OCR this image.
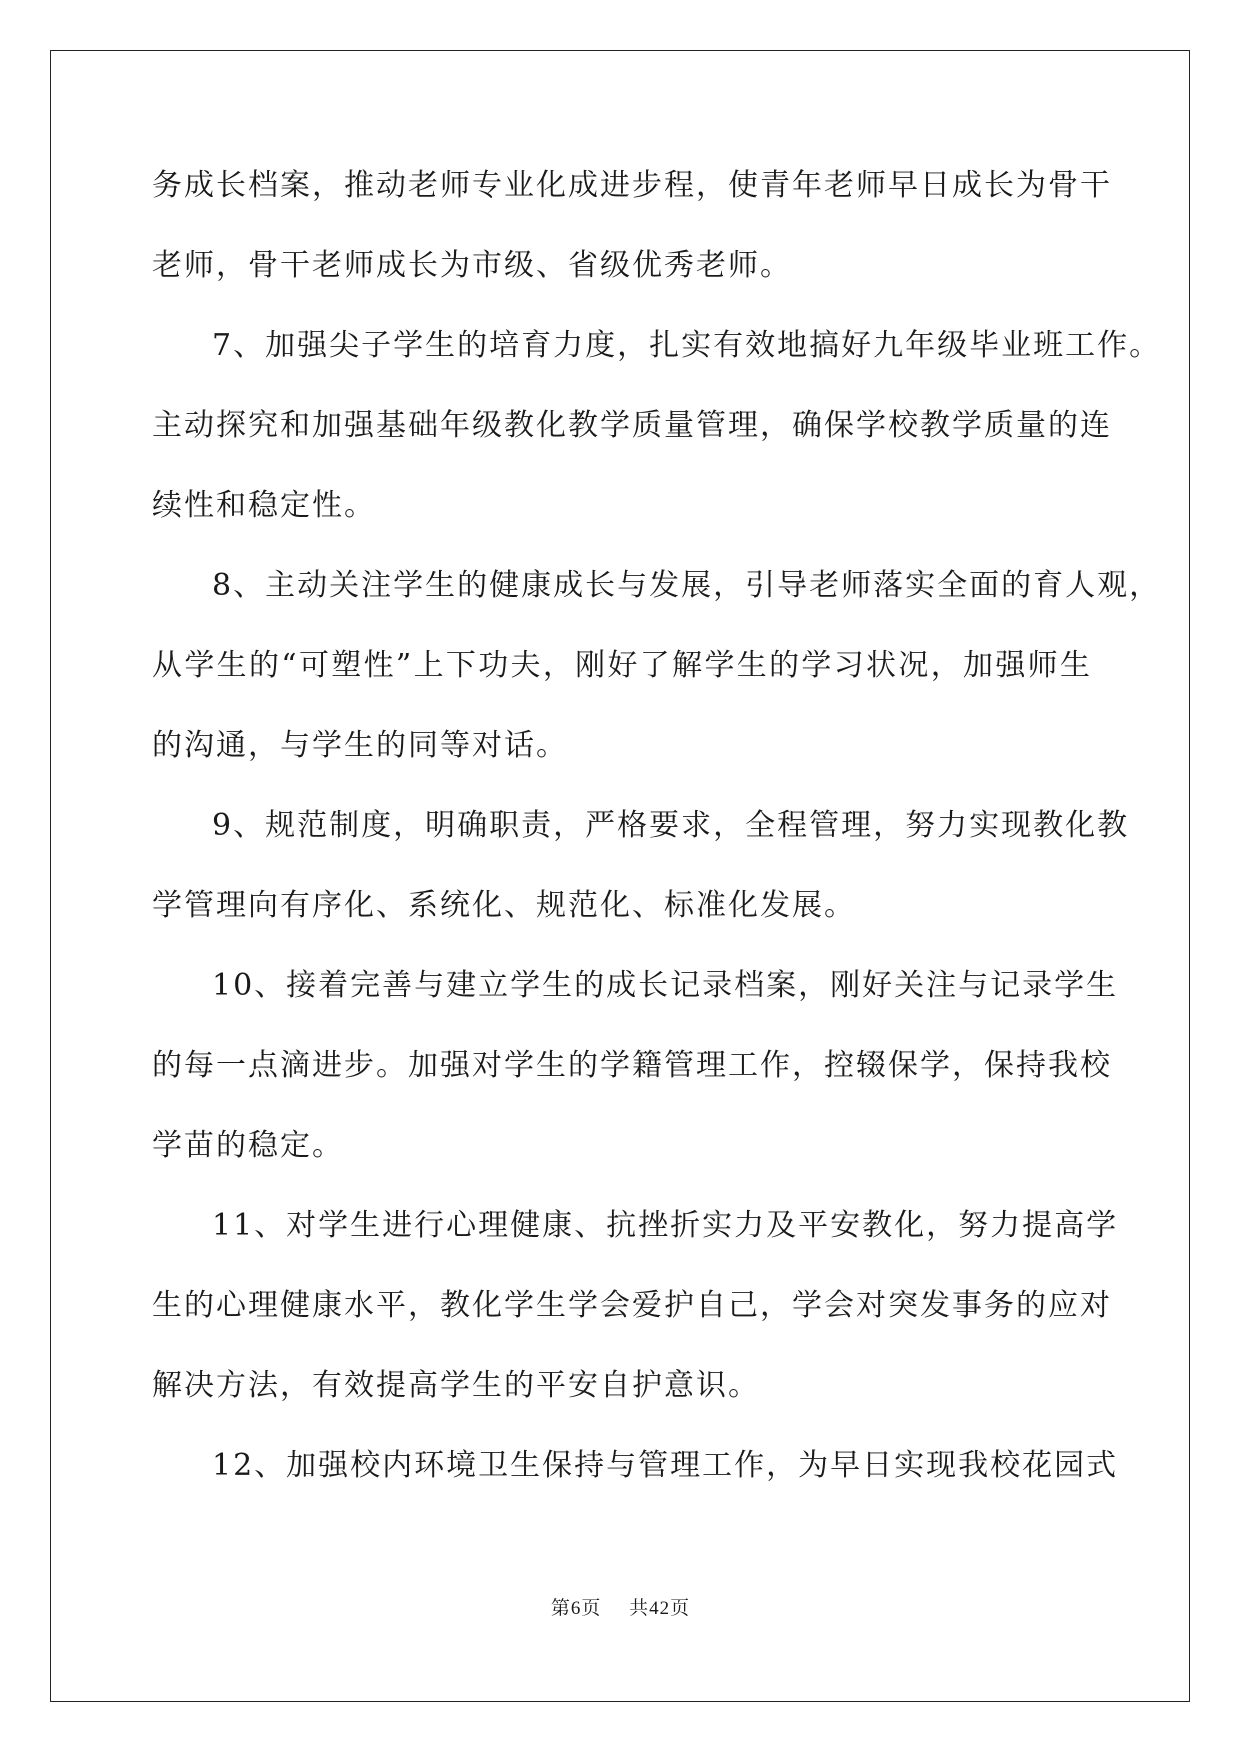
务成长档案，推动老师专业化成进步程，使青年老师早日成长为骨干
老师，骨干老师成长为市级、省级优秀老师。
7、加强尖子学生的培育力度，扎实有效地搞好九年级毕业班工作。
主动探究和加强基础年级教化教学质量管理，确保学校教学质量的连
续性和稳定性。
8、主动关注学生的健康成长与发展，引导老师落实全面的育人观，
从学生的“可塑性”上下功夫，刚好了解学生的学习状况，加强师生
的沟通，与学生的同等对话。
9、规范制度，明确职责，严格要求，全程管理，努力实现教化教
学管理向有序化、系统化、规范化、标准化发展。
10、接着完善与建立学生的成长记录档案，刚好关注与记录学生
的每一点滴进步。加强对学生的学籍管理工作，控辍保学，保持我校
学苗的稳定。
11、对学生进行心理健康、抗挫折实力及平安教化，努力提高学
生的心理健康水平，教化学生学会爱护自己，学会对突发事务的应对
解决方法，有效提高学生的平安自护意识。
12、加强校内环境卫生保持与管理工作，为早日实现我校花园式
第6页 共42页
